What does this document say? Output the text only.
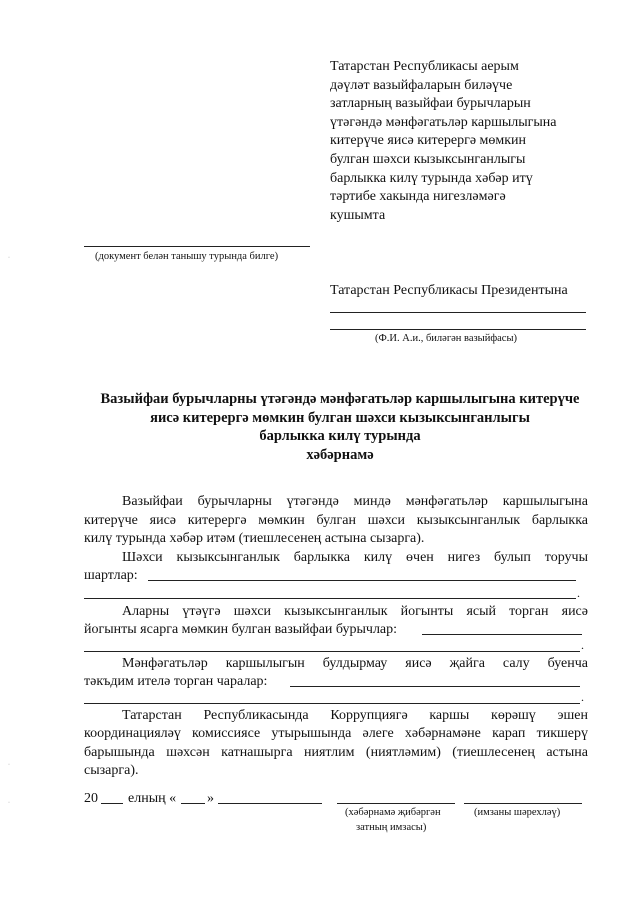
Татарстан Республикасы аерым
дәүләт вазыйфаларын биләүче
затларның вазыйфаи бурычларын
үтәгәндә мәнфәгатьләр каршылыгына
китерүче яисә китерергә мөмкин
булган шәхси кызыксынганлыгы
барлыкка килү турында хәбәр итү
тәртибе хакында нигезләмәгә
кушымта
(документ белән танышу турында билге)
Татарстан Республикасы Президентына
(Ф.И. А.и., биләгән вазыйфасы)
Вазыйфаи бурычларны үтәгәндә мәнфәгатьләр каршылыгына китерүче
яисә китерергә мөмкин булган шәхси кызыксынганлыгы
барлыкка килү турында
хәбәрнамә
Вазыйфаи бурычларны үтәгәндә миндә мәнфәгатьләр каршылыгына
китерүче яисә китерергә мөмкин булган шәхси кызыксынганлык барлыкка
килү турында хәбәр итәм (тиешлесенең астына сызарга).
Шәхси кызыксынганлык барлыкка килү өчен нигез булып торучы
шартлар:
.
Аларны үтәүгә шәхси кызыксынганлык йогынты ясый торган яисә
йогынты ясарга мөмкин булган вазыйфаи бурычлар:
.
Мәнфәгатьләр каршылыгын булдырмау яисә җайга салу буенча
тәкъдим ителә торган чаралар:
.
Татарстан Республикасында Коррупциягә каршы көрәшү эшен
координацияләү комиссиясе утырышында әлеге хәбәрнамәне карап тикшерү
барышында шәхсән катнашырга ниятлим (ниятләмим) (тиешлесенең астына
сызарга).
20 елның « »
(хәбәрнамә җибәргән
затның имзасы)
(имзаны шәрехләү)
·
·
·
